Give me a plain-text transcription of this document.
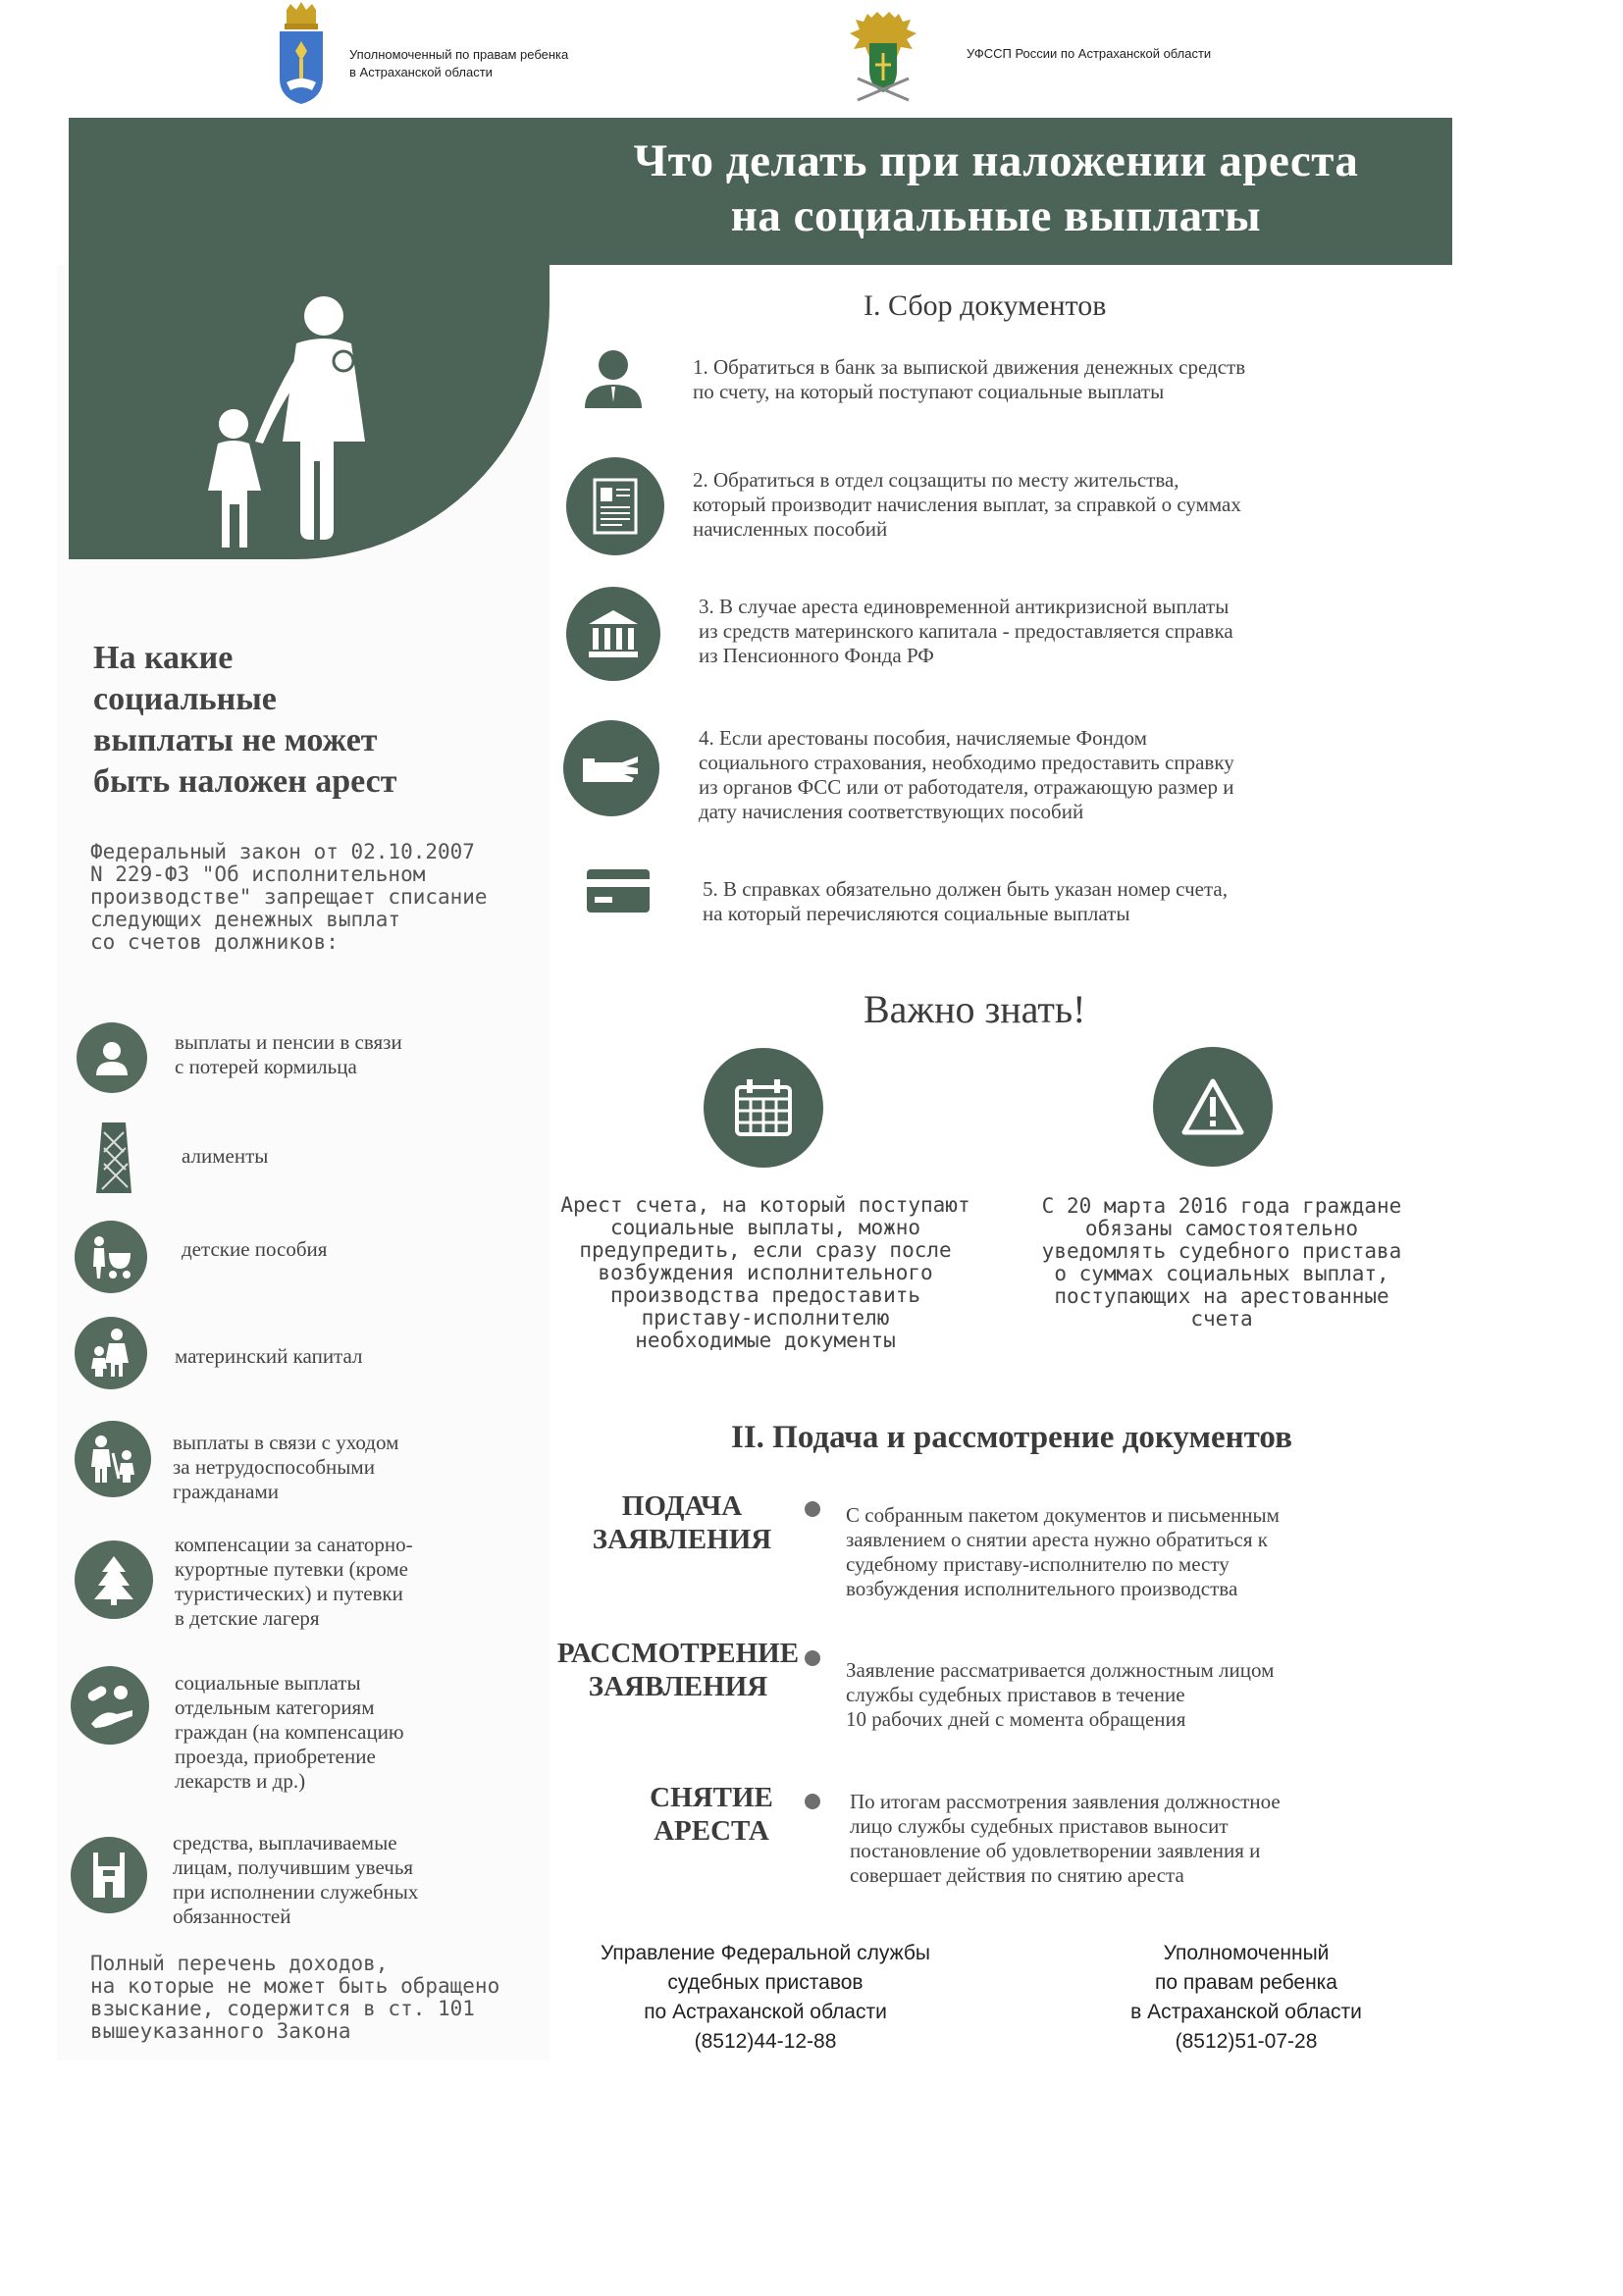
Уполномоченный по правам ребенка
в Астраханской области
УФССП России по Астраханской области
Что делать при наложении ареста
на социальные выплаты
На какие
социальные
выплаты не может
быть наложен арест
Федеральный закон от 02.10.2007
N 229-ФЗ "Об исполнительном
производстве" запрещает списание
следующих денежных выплат
со счетов должников:
выплаты и пенсии в связи
с потерей кормильца
алименты
детские пособия
материнский капитал
выплаты в связи с уходом
за нетрудоспособными
гражданами
компенсации за санаторно-
курортные путевки (кроме
туристических) и путевки
в детские лагеря
социальные выплаты
отдельным категориям
граждан (на компенсацию
проезда, приобретение
лекарств и др.)
средства, выплачиваемые
лицам, получившим увечья
при исполнении служебных
обязанностей
Полный перечень доходов,
на которые не может быть обращено
взыскание, содержится в ст. 101
вышеуказанного Закона
I. Сбор документов
1. Обратиться в банк за выпиской движения денежных средств
по счету, на который поступают социальные выплаты
2. Обратиться в отдел соцзащиты по месту жительства,
который производит начисления выплат, за справкой о суммах
начисленных пособий
3. В случае ареста единовременной антикризисной выплаты
из средств материнского капитала - предоставляется справка
из Пенсионного Фонда РФ
4. Если арестованы пособия, начисляемые Фондом
социального страхования, необходимо предоставить справку
из органов ФСС или от работодателя, отражающую размер и
дату начисления соответствующих пособий
5. В справках обязательно должен быть указан номер счета,
на который перечисляются социальные выплаты
Важно знать!
Арест счета, на который поступают
социальные выплаты, можно
предупредить, если сразу после
возбуждения исполнительного
производства предоставить
приставу-исполнителю
необходимые документы
С 20 марта 2016 года граждане
обязаны самостоятельно
уведомлять судебного пристава
о суммах социальных выплат,
поступающих на арестованные
счета
II. Подача и рассмотрение документов
ПОДАЧА
ЗАЯВЛЕНИЯ
С собранным пакетом документов и письменным
заявлением о снятии ареста нужно обратиться к
судебному приставу-исполнителю по месту
возбуждения исполнительного производства
РАССМОТРЕНИЕ
ЗАЯВЛЕНИЯ
Заявление рассматривается должностным лицом
службы судебных приставов в течение
10 рабочих дней с момента обращения
СНЯТИЕ
АРЕСТА
По итогам рассмотрения заявления должностное
лицо службы судебных приставов выносит
постановление об удовлетворении заявления и
совершает действия по снятию ареста
Управление Федеральной службы
судебных приставов
по Астраханской области
(8512)44-12-88
Уполномоченный
по правам ребенка
в Астраханской области
(8512)51-07-28
